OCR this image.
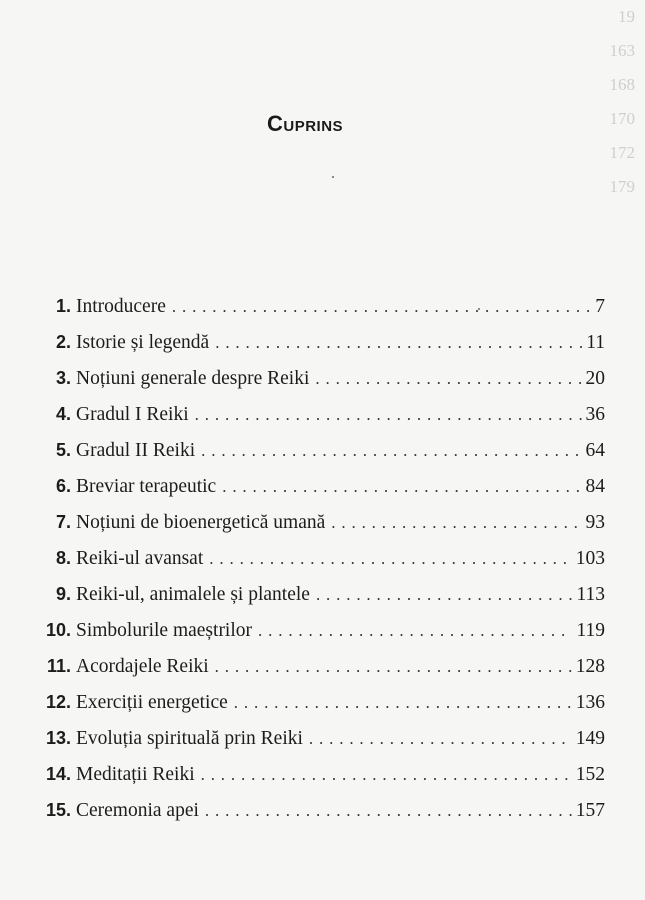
19
163
168
170
172
179
Cuprins
1. Introducere . . .	7
2. Istorie și legendă . . .	11
3. Noțiuni generale despre Reiki . . .	20
4. Gradul I Reiki . . .	36
5. Gradul II Reiki . . .	64
6. Breviar terapeutic . . .	84
7. Noțiuni de bioenergetică umană . . .	93
8. Reiki-ul avansat . . .	103
9. Reiki-ul, animalele și plantele . . .	113
10. Simbolurile maeștrilor . . .	119
11. Acordajele Reiki . . .	128
12. Exerciții energetice . . .	136
13. Evoluția spirituală prin Reiki . . .	149
14. Meditații Reiki . . .	152
15. Ceremonia apei . . .	157
